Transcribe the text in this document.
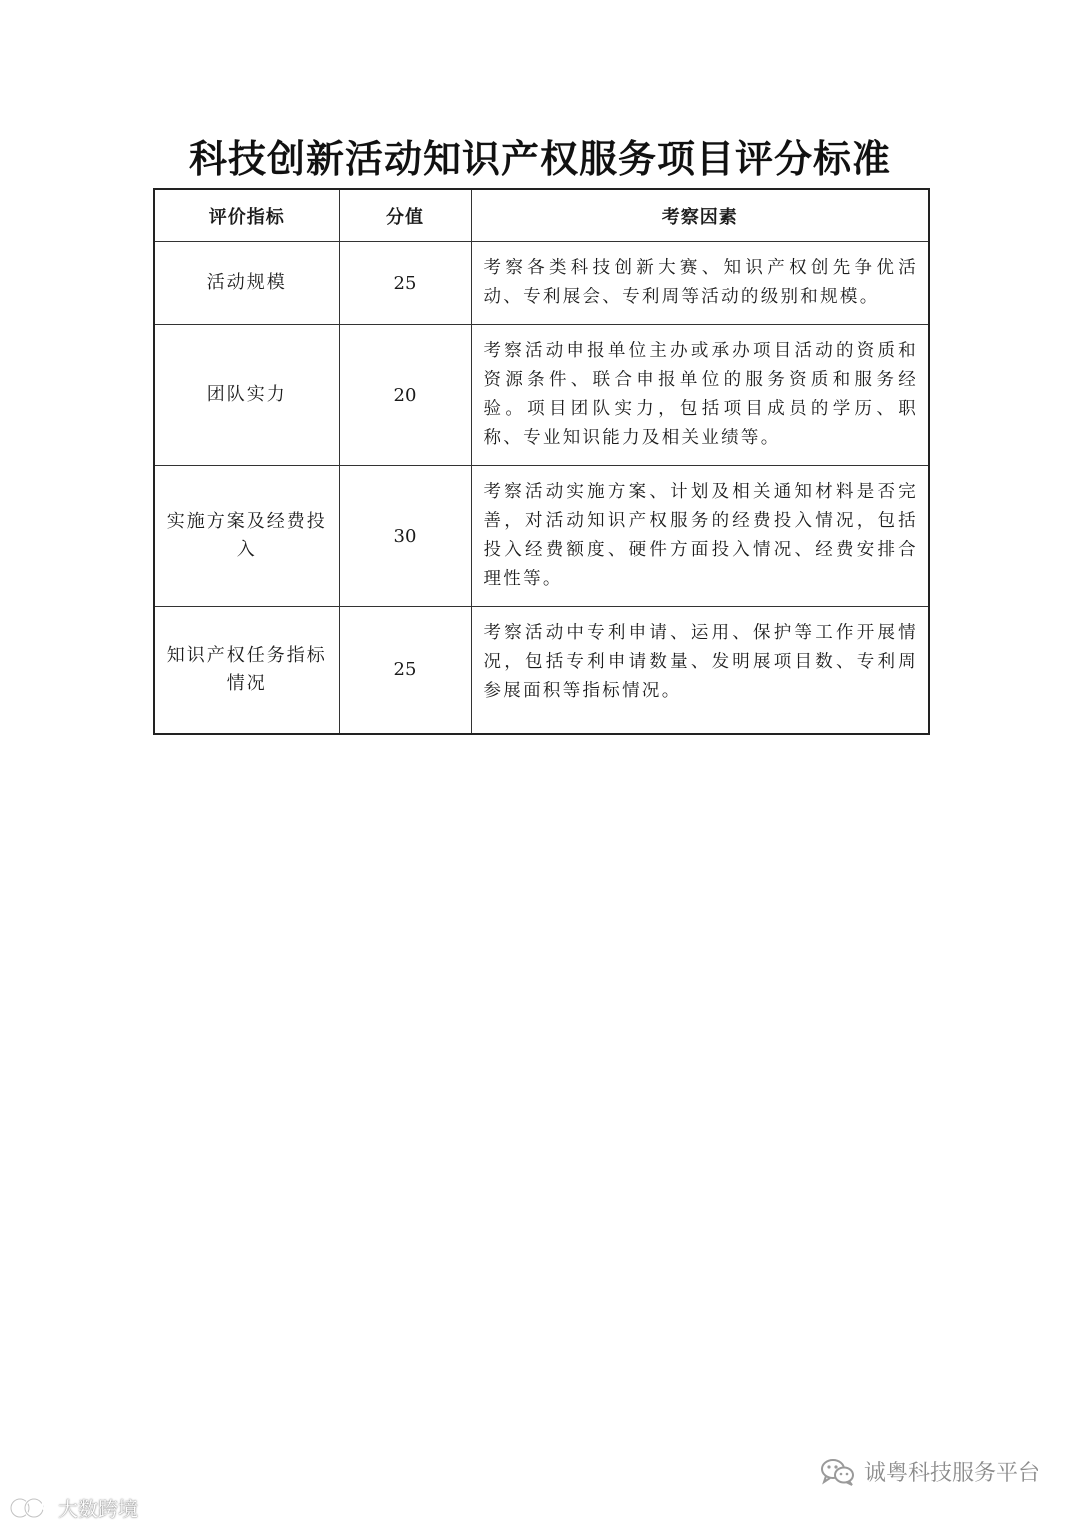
科技创新活动知识产权服务项目评分标准
评价指标	分值	考察因素
活动规模	25	考察各类科技创新大赛、知识产权创先争优活动、专利展会、专利周等活动的级别和规模。
团队实力	20	考察活动申报单位主办或承办项目活动的资质和资源条件、联合申报单位的服务资质和服务经验。项目团队实力，包括项目成员的学历、职称、专业知识能力及相关业绩等。
实施方案及经费投入	30	考察活动实施方案、计划及相关通知材料是否完善，对活动知识产权服务的经费投入情况，包括投入经费额度、硬件方面投入情况、经费安排合理性等。
知识产权任务指标情况	25	考察活动中专利申请、运用、保护等工作开展情况，包括专利申请数量、发明展项目数、专利周参展面积等指标情况。
诚粤科技服务平台
大数跨境
